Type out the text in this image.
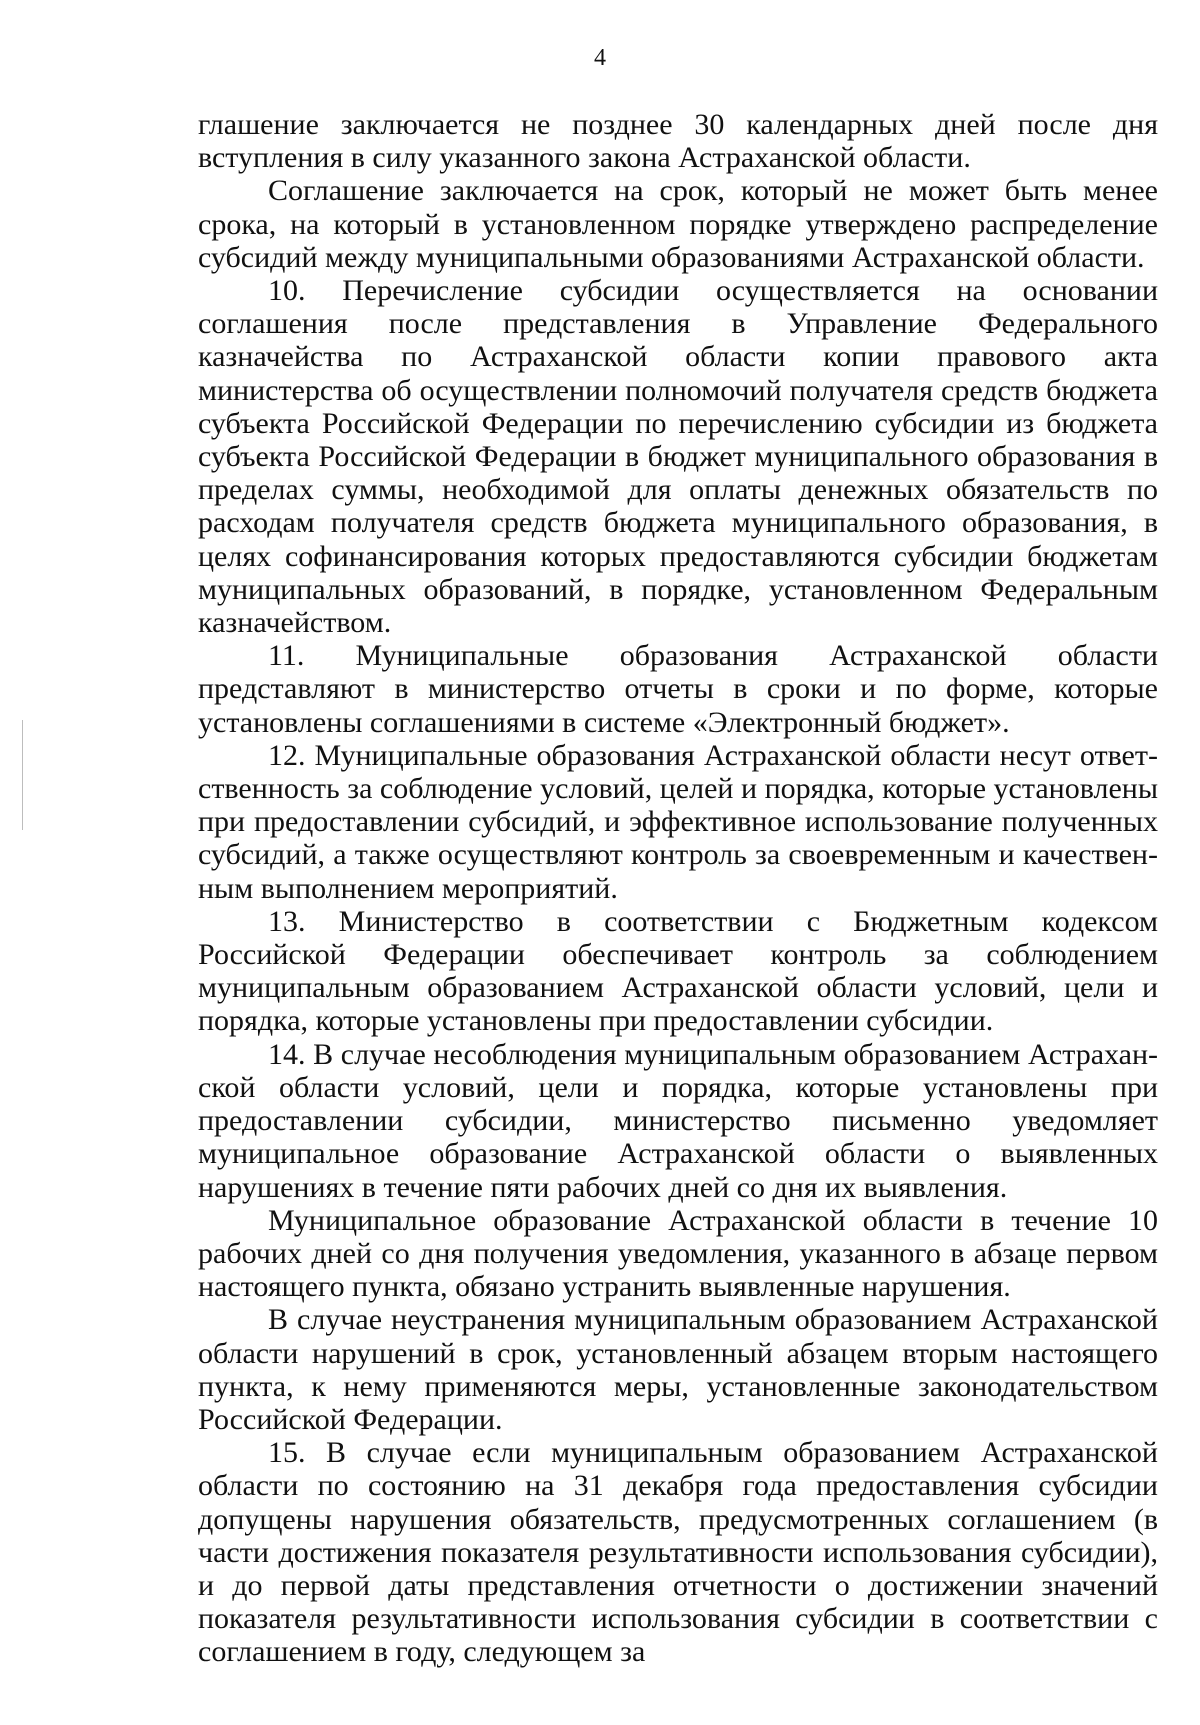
4

глашение заключается не позднее 30 календарных дней после дня вступления в силу указанного закона Астраханской области.

Соглашение заключается на срок, который не может быть менее срока, на который в установленном порядке утверждено распределение субсидий между муниципальными образованиями Астраханской области.

10. Перечисление субсидии осуществляется на основании соглашения после представления в Управление Федерального казначейства по Астраханской области копии правового акта министерства об осуществлении полномочий получателя средств бюджета субъекта Российской Федерации по перечислению субсидии из бюджета субъекта Российской Федерации в бюджет муниципального образования в пределах суммы, необходимой для оплаты денежных обязательств по расходам получателя средств бюджета муниципального образования, в целях софинансирования которых предоставляются субсидии бюджетам муниципальных образований, в порядке, установленном Федеральным казначейством.

11. Муниципальные образования Астраханской области представляют в министерство отчеты в сроки и по форме, которые установлены соглашениями в системе «Электронный бюджет».

12. Муниципальные образования Астраханской области несут ответственность за соблюдение условий, целей и порядка, которые установлены при предоставлении субсидий, и эффективное использование полученных субсидий, а также осуществляют контроль за своевременным и качественным выполнением мероприятий.

13. Министерство в соответствии с Бюджетным кодексом Российской Федерации обеспечивает контроль за соблюдением муниципальным образованием Астраханской области условий, цели и порядка, которые установлены при предоставлении субсидии.

14. В случае несоблюдения муниципальным образованием Астраханской области условий, цели и порядка, которые установлены при предоставлении субсидии, министерство письменно уведомляет муниципальное образование Астраханской области о выявленных нарушениях в течение пяти рабочих дней со дня их выявления.

Муниципальное образование Астраханской области в течение 10 рабочих дней со дня получения уведомления, указанного в абзаце первом настоящего пункта, обязано устранить выявленные нарушения.

В случае неустранения муниципальным образованием Астраханской области нарушений в срок, установленный абзацем вторым настоящего пункта, к нему применяются меры, установленные законодательством Российской Федерации.

15. В случае если муниципальным образованием Астраханской области по состоянию на 31 декабря года предоставления субсидии допущены нарушения обязательств, предусмотренных соглашением (в части достижения показателя результативности использования субсидии), и до первой даты представления отчетности о достижении значений показателя результативности использования субсидии в соответствии с соглашением в году, следующем за
